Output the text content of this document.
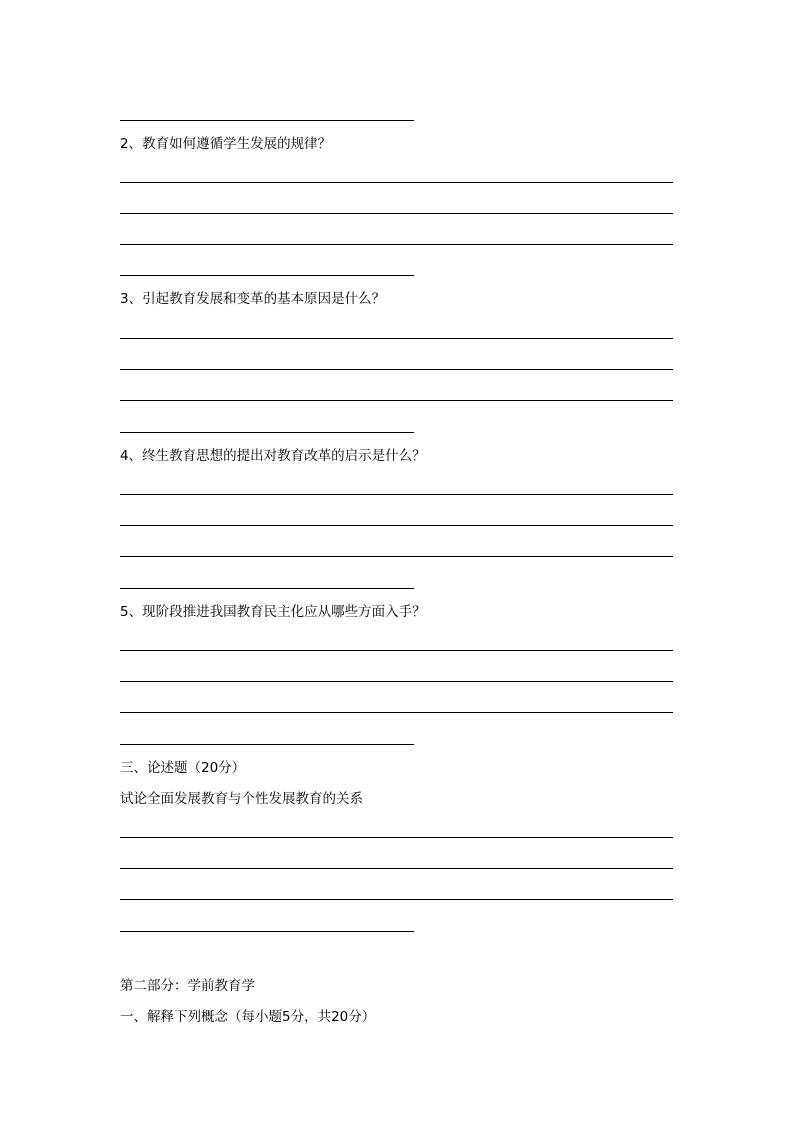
2、教育如何遵循学生发展的规律？
3、引起教育发展和变革的基本原因是什么？
4、终生教育思想的提出对教育改革的启示是什么？
5、现阶段推进我国教育民主化应从哪些方面入手？
三、论述题（20分）
试论全面发展教育与个性发展教育的关系
第二部分：学前教育学
一、解释下列概念（每小题5分，共20分）
